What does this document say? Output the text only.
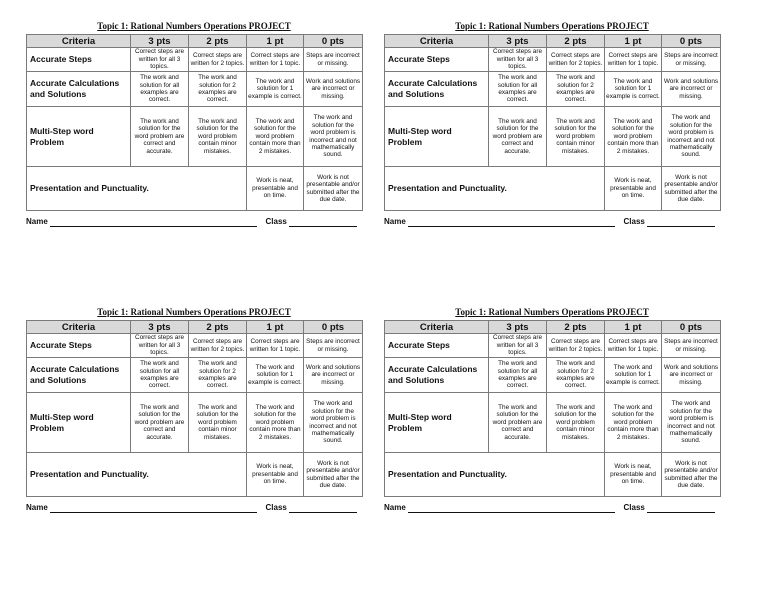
Topic 1: Rational Numbers Operations PROJECT
Criteria	3 pts	2 pts	1 pt	0 pts
Accurate Steps	Correct steps are written for all 3 topics.	Correct steps are written for 2 topics.	Correct steps are written for 1 topic.	Steps are incorrect or missing.
Accurate Calculations and Solutions	The work and solution for all examples are correct.	The work and solution for 2 examples are correct.	The work and solution for 1 example is correct.	Work and solutions are incorrect or missing.
Multi-Step word Problem	The work and solution for the word problem are correct and accurate.	The work and solution for the word problem contain minor mistakes.	The work and solution for the word problem contain more than 2 mistakes.	The work and solution for the word problem is incorrect and not mathematically sound.
Presentation and Punctuality.			Work is neat, presentable and on time.	Work is not presentable and/or submitted after the due date.
Name	Class
Topic 1: Rational Numbers Operations PROJECT
Criteria	3 pts	2 pts	1 pt	0 pts
Accurate Steps	Correct steps are written for all 3 topics.	Correct steps are written for 2 topics.	Correct steps are written for 1 topic.	Steps are incorrect or missing.
Accurate Calculations and Solutions	The work and solution for all examples are correct.	The work and solution for 2 examples are correct.	The work and solution for 1 example is correct.	Work and solutions are incorrect or missing.
Multi-Step word Problem	The work and solution for the word problem are correct and accurate.	The work and solution for the word problem contain minor mistakes.	The work and solution for the word problem contain more than 2 mistakes.	The work and solution for the word problem is incorrect and not mathematically sound.
Presentation and Punctuality.			Work is neat, presentable and on time.	Work is not presentable and/or submitted after the due date.
Name	Class
Topic 1: Rational Numbers Operations PROJECT
Criteria	3 pts	2 pts	1 pt	0 pts
Accurate Steps	Correct steps are written for all 3 topics.	Correct steps are written for 2 topics.	Correct steps are written for 1 topic.	Steps are incorrect or missing.
Accurate Calculations and Solutions	The work and solution for all examples are correct.	The work and solution for 2 examples are correct.	The work and solution for 1 example is correct.	Work and solutions are incorrect or missing.
Multi-Step word Problem	The work and solution for the word problem are correct and accurate.	The work and solution for the word problem contain minor mistakes.	The work and solution for the word problem contain more than 2 mistakes.	The work and solution for the word problem is incorrect and not mathematically sound.
Presentation and Punctuality.			Work is neat, presentable and on time.	Work is not presentable and/or submitted after the due date.
Name	Class
Topic 1: Rational Numbers Operations PROJECT
Criteria	3 pts	2 pts	1 pt	0 pts
Accurate Steps	Correct steps are written for all 3 topics.	Correct steps are written for 2 topics.	Correct steps are written for 1 topic.	Steps are incorrect or missing.
Accurate Calculations and Solutions	The work and solution for all examples are correct.	The work and solution for 2 examples are correct.	The work and solution for 1 example is correct.	Work and solutions are incorrect or missing.
Multi-Step word Problem	The work and solution for the word problem are correct and accurate.	The work and solution for the word problem contain minor mistakes.	The work and solution for the word problem contain more than 2 mistakes.	The work and solution for the word problem is incorrect and not mathematically sound.
Presentation and Punctuality.			Work is neat, presentable and on time.	Work is not presentable and/or submitted after the due date.
Name	Class
